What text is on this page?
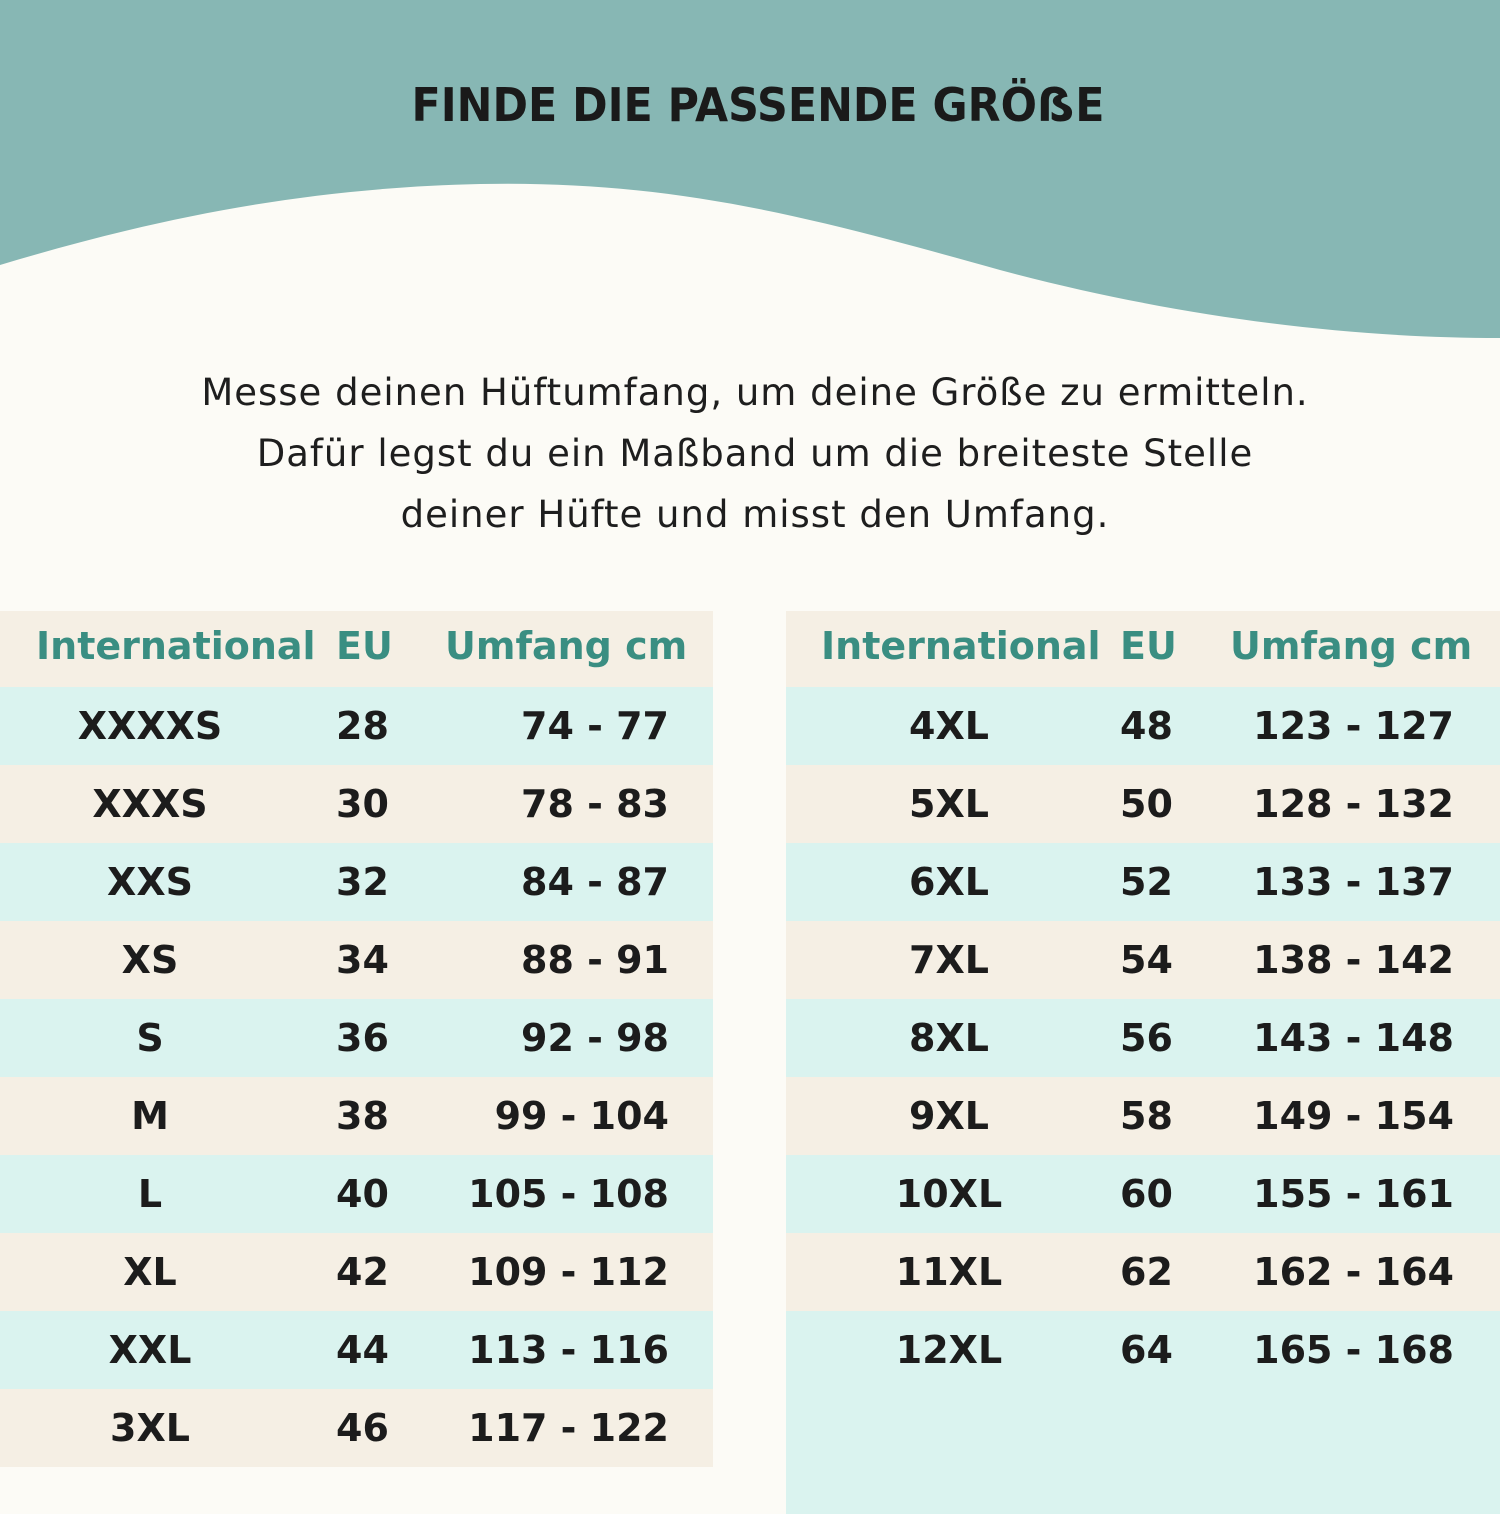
FINDE DIE PASSENDE GRÖẞE
Messe deinen Hüftumfang, um deine Größe zu ermitteln.
Dafür legst du ein Maßband um die breiteste Stelle
deiner Hüfte und misst den Umfang.
International EU Umfang cm
XXXXS	28	74 - 77
XXXS	30	78 - 83
XXS	32	84 - 87
XS	34	88 - 91
S	36	92 - 98
M	38	99 - 104
L	40 105 - 108
XL	42 109 - 112
XXL	44 113 - 116
3XL	46 117 - 122
International EU Umfang cm
4XL	48 123 - 127
5XL	50 128 - 132
6XL	52 133 - 137
7XL	54 138 - 142
8XL	56 143 - 148
9XL	58 149 - 154
10XL	60 155 - 161
11XL	62 162 - 164
12XL	64 165 - 168
